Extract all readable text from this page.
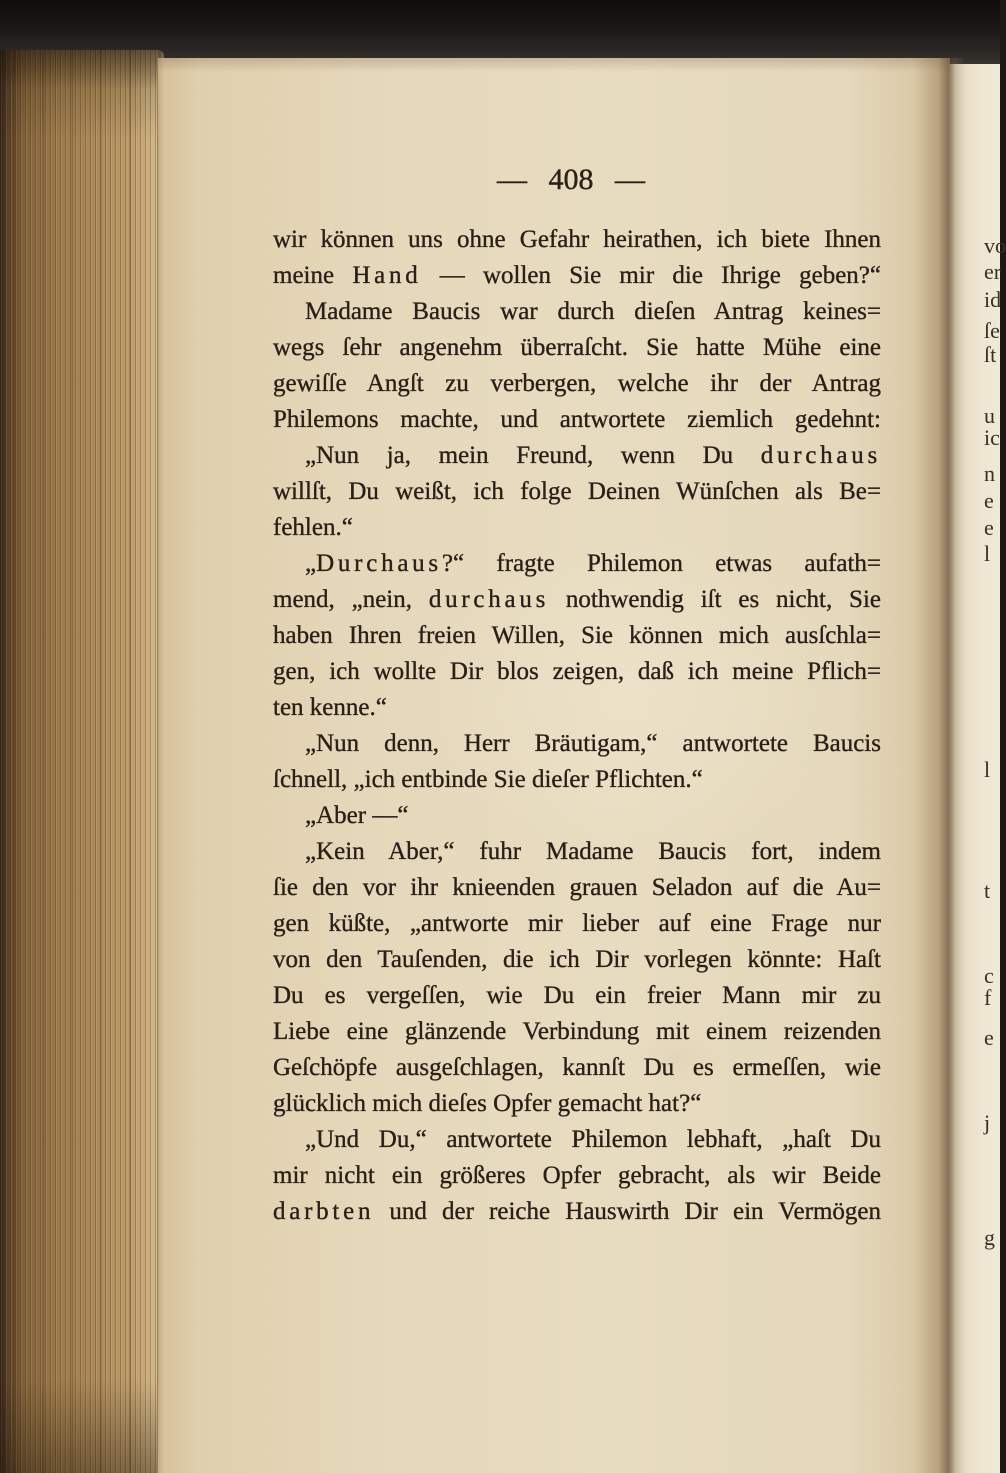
— 408 —
wir können uns ohne Gefahr heirathen, ich biete Ihnen
meine Hand — wollen Sie mir die Ihrige geben?“
Madame Baucis war durch dieſen Antrag keines=
wegs ſehr angenehm überraſcht. Sie hatte Mühe eine
gewiſſe Angſt zu verbergen, welche ihr der Antrag
Philemons machte, und antwortete ziemlich gedehnt:
„Nun ja, mein Freund, wenn Du durchaus
willſt, Du weißt, ich folge Deinen Wünſchen als Be=
fehlen.“
„Durchaus?“ fragte Philemon etwas aufath=
mend, „nein, durchaus nothwendig iſt es nicht, Sie
haben Ihren freien Willen, Sie können mich ausſchla=
gen, ich wollte Dir blos zeigen, daß ich meine Pflich=
ten kenne.“
„Nun denn, Herr Bräutigam,“ antwortete Baucis
ſchnell, „ich entbinde Sie dieſer Pflichten.“
„Aber —“
„Kein Aber,“ fuhr Madame Baucis fort, indem
ſie den vor ihr knieenden grauen Seladon auf die Au=
gen küßte, „antworte mir lieber auf eine Frage nur
von den Tauſenden, die ich Dir vorlegen könnte: Haſt
Du es vergeſſen, wie Du ein freier Mann mir zu
Liebe eine glänzende Verbindung mit einem reizenden
Geſchöpfe ausgeſchlagen, kannſt Du es ermeſſen, wie
glücklich mich dieſes Opfer gemacht hat?“
„Und Du,“ antwortete Philemon lebhaft, „haſt Du
mir nicht ein größeres Opfer gebracht, als wir Beide
darbten und der reiche Hauswirth Dir ein Vermögen
vo
er
id
ſe
ſt
u
ic
n
e
e
l
l
t
c
f
e
j
g
